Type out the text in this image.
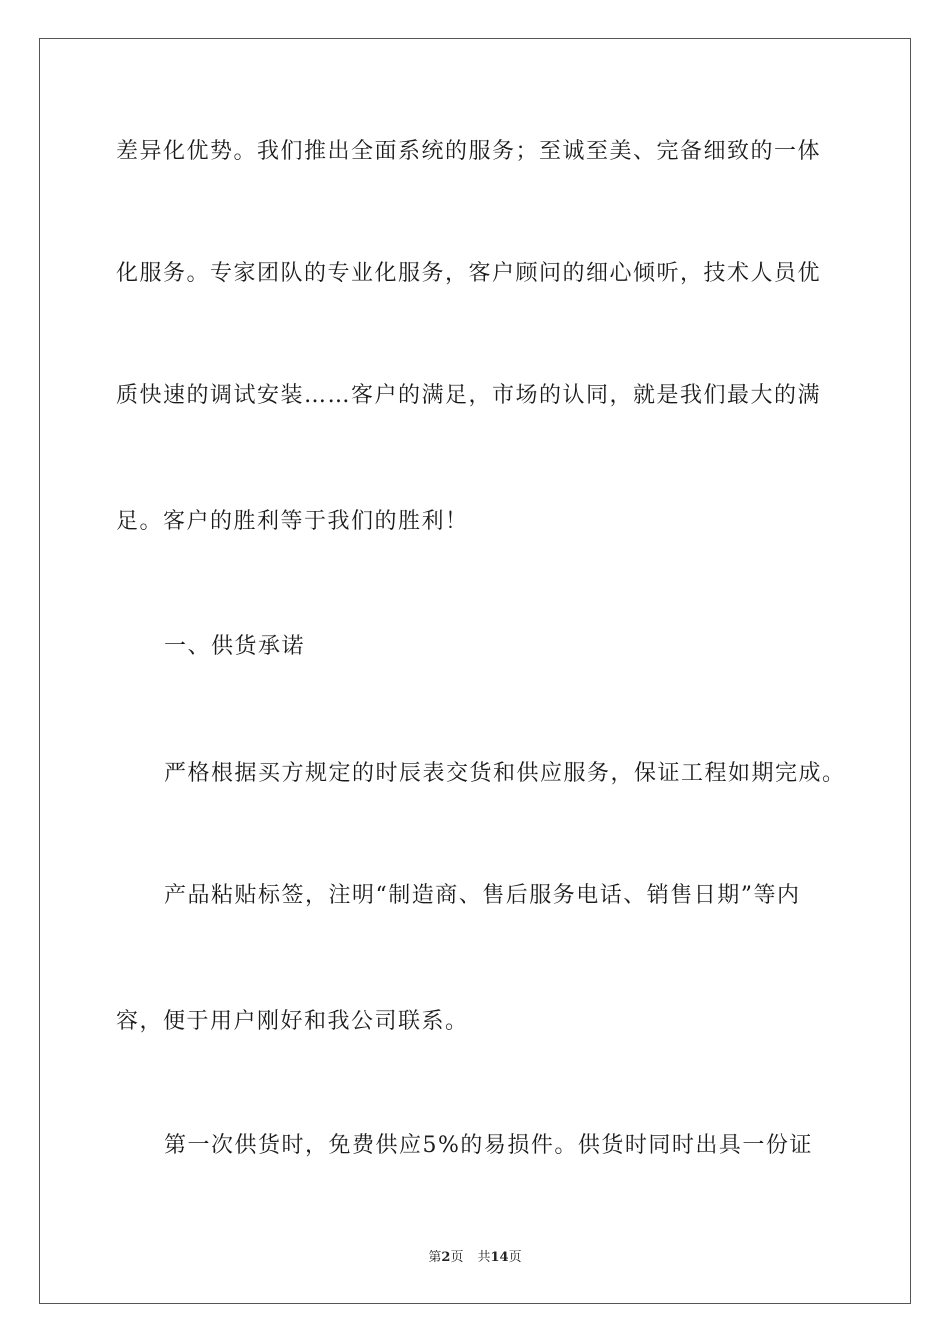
差异化优势。我们推出全面系统的服务；至诚至美、完备细致的一体
化服务。专家团队的专业化服务，客户顾问的细心倾听，技术人员优
质快速的调试安装……客户的满足，市场的认同，就是我们最大的满
足。客户的胜利等于我们的胜利！
一、供货承诺
严格根据买方规定的时辰表交货和供应服务，保证工程如期完成。
产品粘贴标签，注明“制造商、售后服务电话、销售日期”等内
容，便于用户刚好和我公司联系。
第一次供货时，免费供应5%的易损件。供货时同时出具一份证
第2页 共14页
